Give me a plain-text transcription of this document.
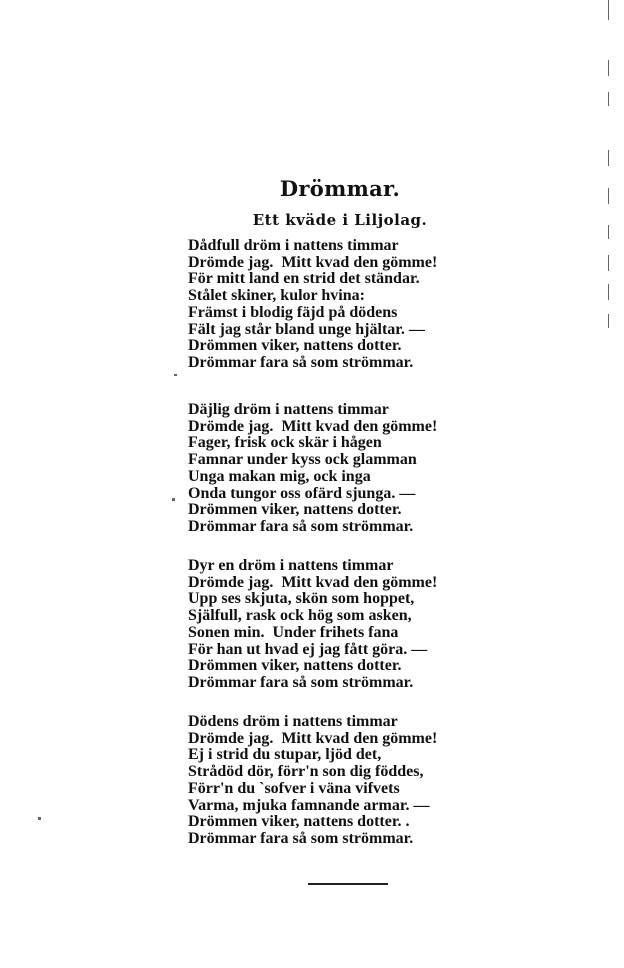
Drömmar.
Ett kväde i Liljolag.
Dådfull dröm i nattens timmar
Drömde jag.  Mitt kvad den gömme!
För mitt land en strid det ständar.
Stålet skiner, kulor hvina:
Främst i blodig fäjd på dödens
Fält jag står bland unge hjältar. —
Drömmen viker, nattens dotter.
Drömmar fara så som strömmar.
Däjlig dröm i nattens timmar
Drömde jag.  Mitt kvad den gömme!
Fager, frisk ock skär i hågen
Famnar under kyss ock glamman
Unga makan mig, ock inga
Onda tungor oss ofärd sjunga. —
Drömmen viker, nattens dotter.
Drömmar fara så som strömmar.
Dyr en dröm i nattens timmar
Drömde jag.  Mitt kvad den gömme!
Upp ses skjuta, skön som hoppet,
Själfull, rask ock hög som asken,
Sonen min.  Under frihets fana
För han ut hvad ej jag fått göra. —
Drömmen viker, nattens dotter.
Drömmar fara så som strömmar.
Dödens dröm i nattens timmar
Drömde jag.  Mitt kvad den gömme!
Ej i strid du stupar, ljöd det,
Strådöd dör, förr'n son dig föddes,
Förr'n du `sofver i väna vifvets
Varma, mjuka famnande armar. —
Drömmen viker, nattens dotter. .
Drömmar fara så som strömmar.
